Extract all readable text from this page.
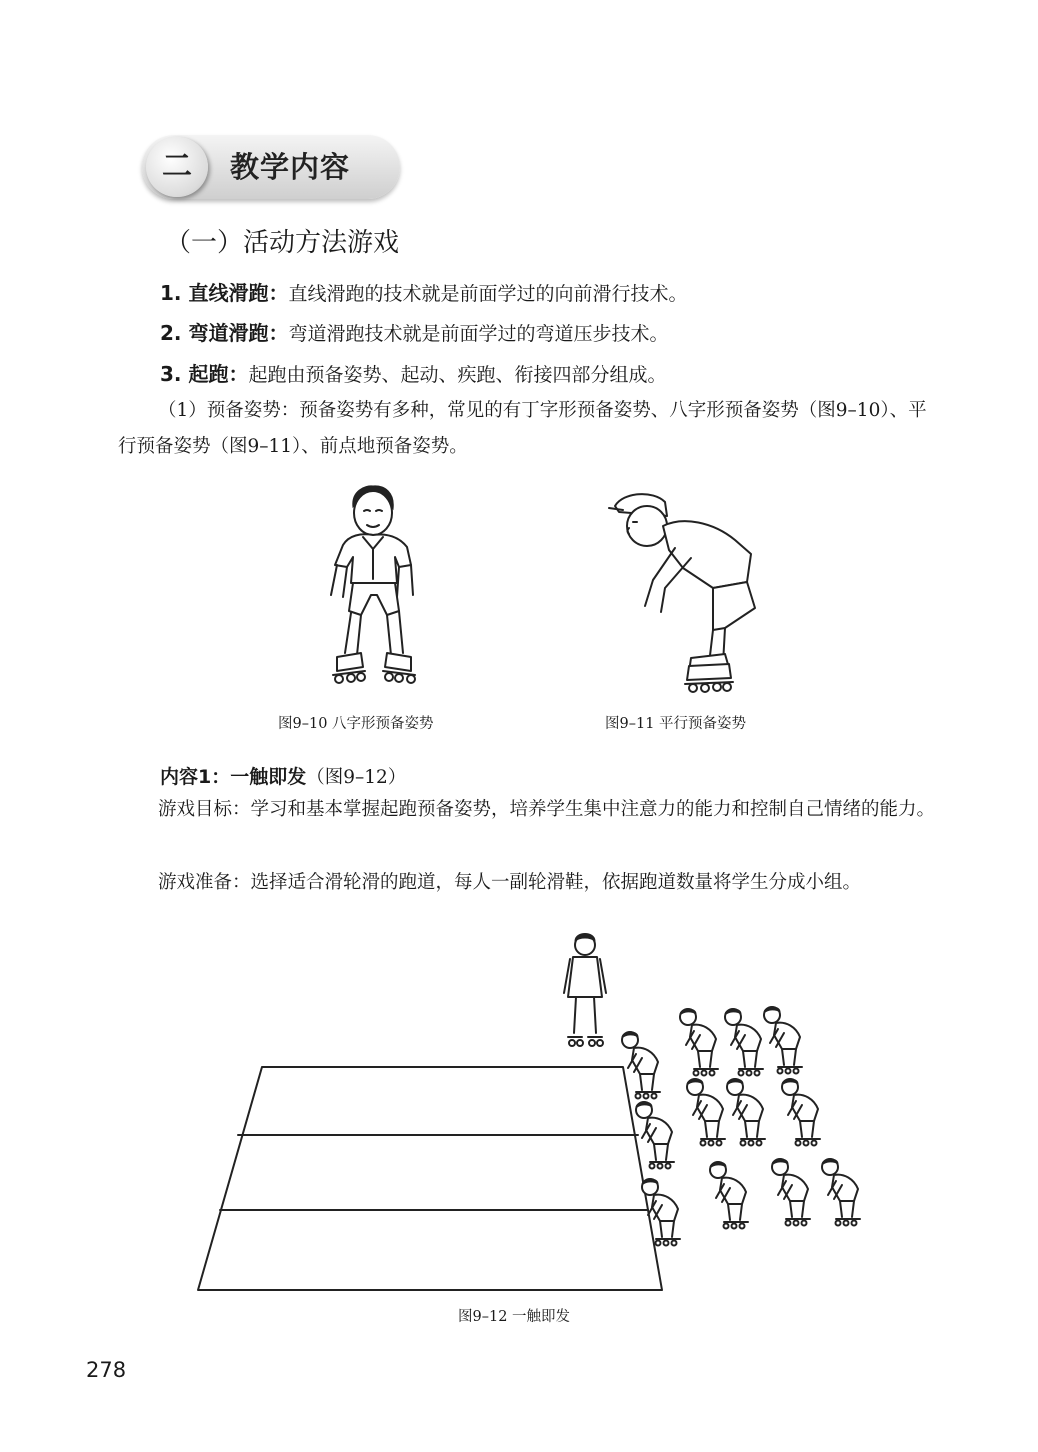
二	教学内容
（一）活动方法游戏
1. 直线滑跑：直线滑跑的技术就是前面学过的向前滑行技术。
2. 弯道滑跑：弯道滑跑技术就是前面学过的弯道压步技术。
3. 起跑：起跑由预备姿势、起动、疾跑、衔接四部分组成。
（1）预备姿势：预备姿势有多种，常见的有丁字形预备姿势、八字形预备姿势（图9–10）、平行预备姿势（图9–11）、前点地预备姿势。
图9–10 八字形预备姿势	图9–11 平行预备姿势
内容1：一触即发（图9–12）
游戏目标：学习和基本掌握起跑预备姿势，培养学生集中注意力的能力和控制自己情绪的能力。
游戏准备：选择适合滑轮滑的跑道，每人一副轮滑鞋，依据跑道数量将学生分成小组。
图9–12 一触即发
278
